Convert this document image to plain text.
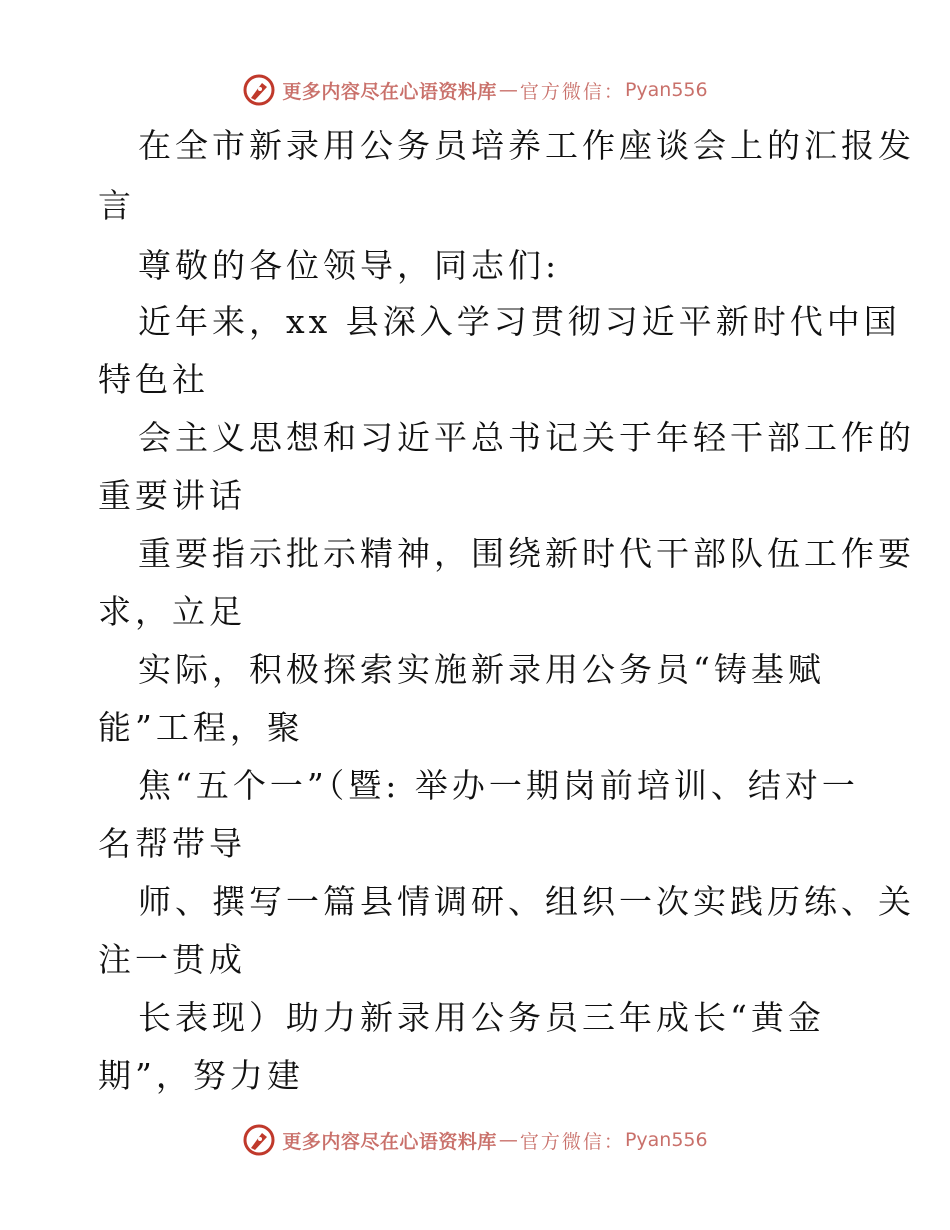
更多内容尽在心语资料库 — 官方微信： Pyan556
在全市新录用公务员培养工作座谈会上的汇报发
言
尊敬的各位领导，同志们:
近年来，xx 县深入学习贯彻习近平新时代中国
特色社
会主义思想和习近平总书记关于年轻干部工作的
重要讲话
重要指示批示精神，围绕新时代干部队伍工作要
求，立足
实际，积极探索实施新录用公务员“铸基赋
能”工程，聚
焦“五个一”（暨: 举办一期岗前培训、结对一
名帮带导
师、撰写一篇县情调研、组织一次实践历练、关
注一贯成
长表现）助力新录用公务员三年成长“黄金
期”，努力建
更多内容尽在心语资料库 — 官方微信： Pyan556
